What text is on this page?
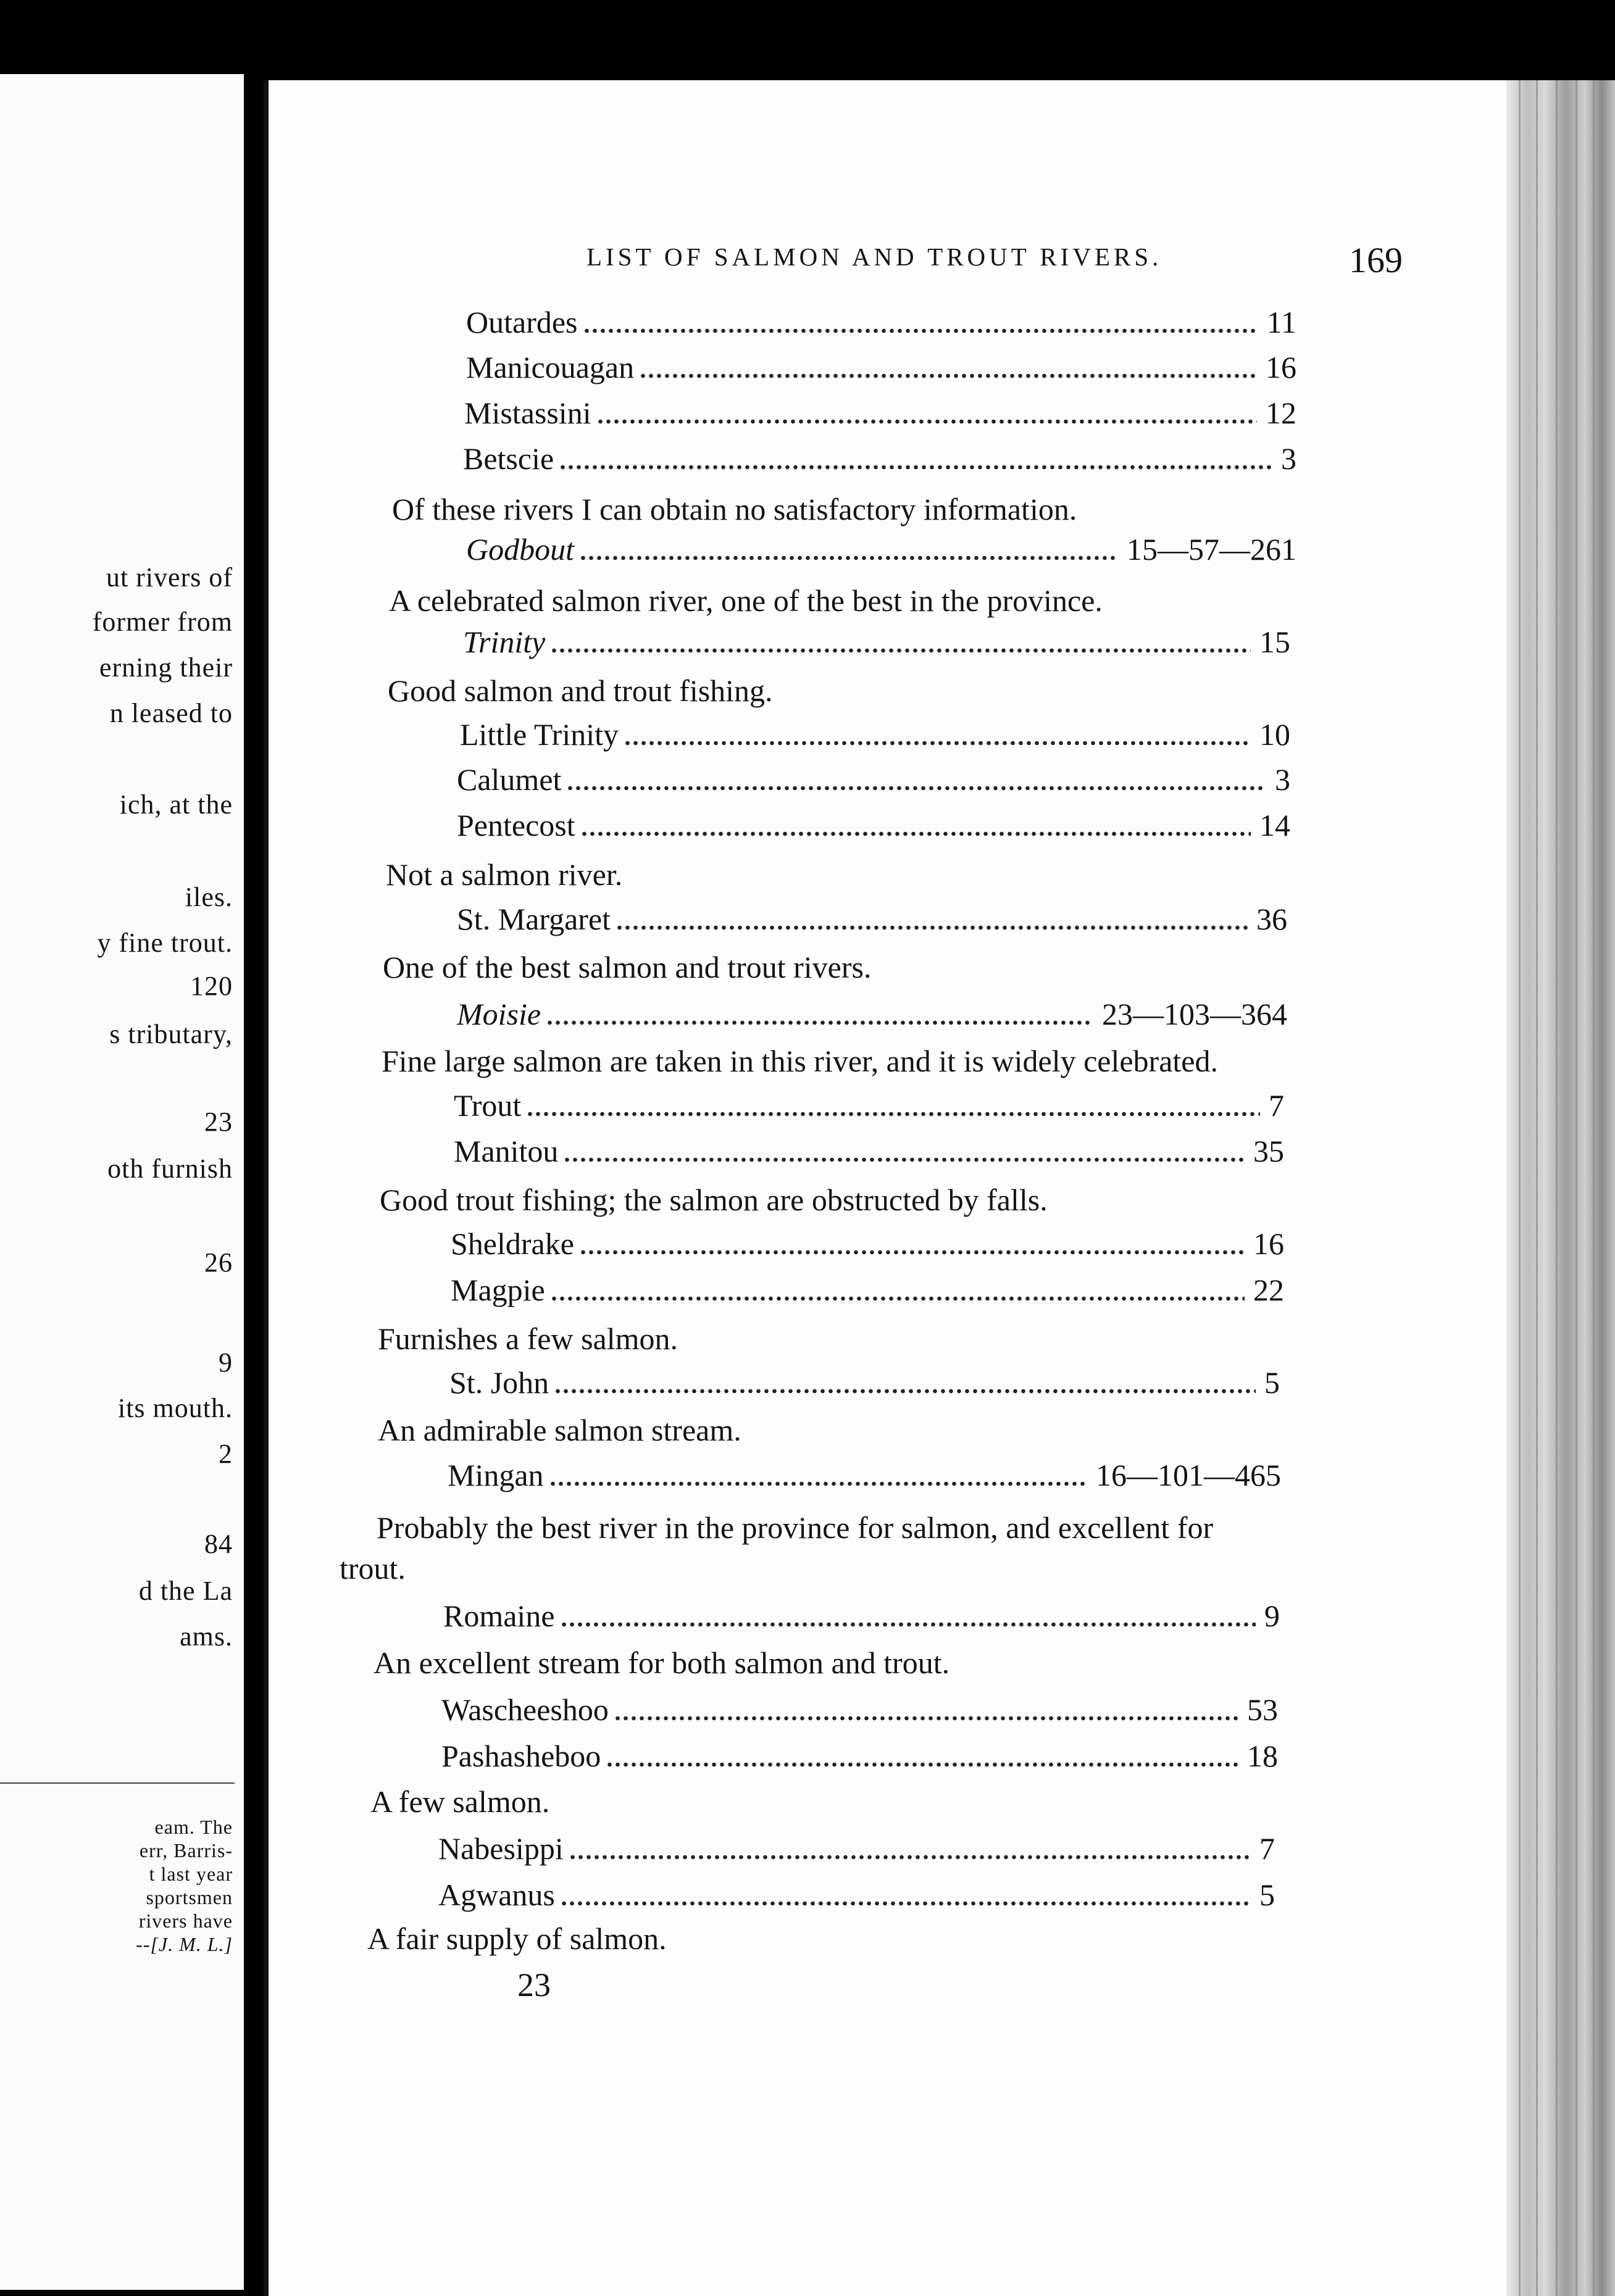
ut rivers of
former from
erning their
n leased to
ich, at the
iles.
y fine trout.
120
s tributary,
23
oth furnish
26
9
its mouth.
2
84
d the La
ams.
eam. The
err, Barris-
t last year
sportsmen
rivers have
--[J. M. L.]
LIST OF SALMON AND TROUT RIVERS.	169
Outardes	11
Manicouagan	16
Mistassini	12
Betscie	3
Of these rivers I can obtain no satisfactory information.
Godbout	15—57—261
A celebrated salmon river, one of the best in the province.
Trinity	15
Good salmon and trout fishing.
Little Trinity	10
Calumet	3
Pentecost	14
Not a salmon river.
St. Margaret	36
One of the best salmon and trout rivers.
Moisie	23—103—364
Fine large salmon are taken in this river, and it is widely celebrated.
Trout	7
Manitou	35
Good trout fishing; the salmon are obstructed by falls.
Sheldrake	16
Magpie	22
Furnishes a few salmon.
St. John	5
An admirable salmon stream.
Mingan	16—101—465
Probably the best river in the province for salmon, and excellent for
trout.
Romaine	9
An excellent stream for both salmon and trout.
Wascheeshoo	53
Pashasheboo	18
A few salmon.
Nabesippi	7
Agwanus	5
A fair supply of salmon.
23
